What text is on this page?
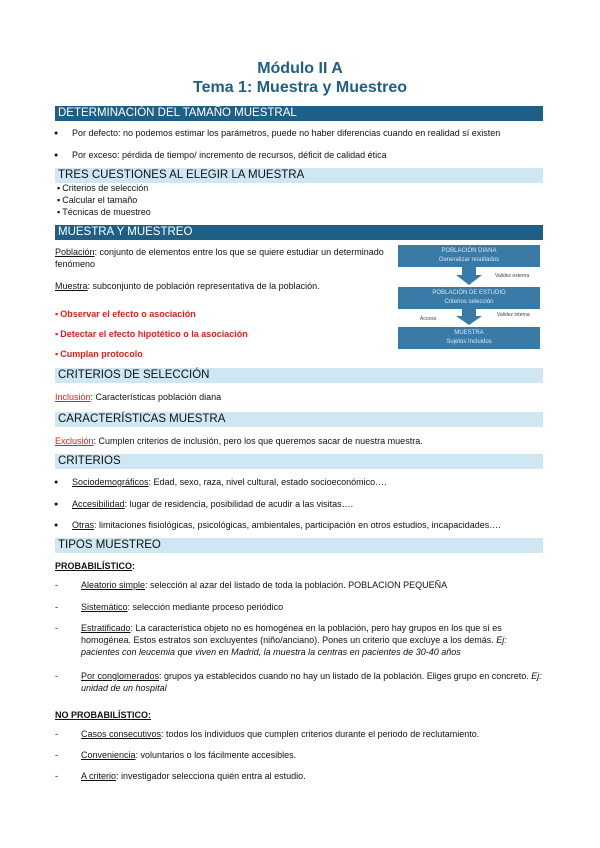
Módulo II A
Tema 1: Muestra y Muestreo
DETERMINACIÓN DEL TAMAÑO MUESTRAL
● Por defecto: no podemos estimar los parámetros, puede no haber diferencias cuando en realidad sí existen
● Por exceso: pérdida de tiempo/ incremento de recursos, déficit de calidad ética
TRES CUESTIONES AL ELEGIR LA MUESTRA
▪ Criterios de selección
▪ Calcular el tamaño
▪ Técnicas de muestreo
MUESTRA Y MUESTREO
Población: conjunto de elementos entre los que se quiere estudiar un determinado fenómeno
Muestra: subconjunto de población representativa de la población.
▪ Observar el efecto o asociación
▪ Detectar el efecto hipotético o la asociación
▪ Cumplan protocolo
POBLACIÓN DIANA
Generalizar resultados
Validez externa
POBLACIÓN DE ESTUDIO
Criterios selección
Validez interna
Acceso
MUESTRA
Sujetos Incluidos
CRITERIOS DE SELECCIÓN
Inclusión: Características población diana
CARACTERÍSTICAS MUESTRA
Exclusión: Cumplen criterios de inclusión, pero los que queremos sacar de nuestra muestra.
CRITERIOS
● Sociodemográficos: Edad, sexo, raza, nivel cultural, estado socioeconómico….
● Accesibilidad: lugar de residencia, posibilidad de acudir a las visitas….
● Otras: limitaciones fisiológicas, psicológicas, ambientales, participación en otros estudios, incapacidades….
TIPOS MUESTREO
PROBABILÍSTICO:
- Aleatorio simple: selección al azar del listado de toda la población. POBLACION PEQUEÑA
- Sistemático: selección mediante proceso periódico
- Estratificado: La característica objeto no es homogénea en la población, pero hay grupos en los que sí es
homogénea. Estos estratos son excluyentes (niño/anciano). Pones un criterio que excluye a los demás. Ej:
pacientes con leucemia que viven en Madrid, la muestra la centras en pacientes de 30-40 años
- Por conglomerados: grupos ya establecidos cuando no hay un listado de la población. Eliges grupo en concreto. Ej:
unidad de un hospital
NO PROBABILÍSTICO:
- Casos consecutivos: todos los individuos que cumplen criterios durante el periodo de reclutamiento.
- Conveniencia: voluntarios o los fácilmente accesibles.
- A criterio: investigador selecciona quién entra al estudio.
